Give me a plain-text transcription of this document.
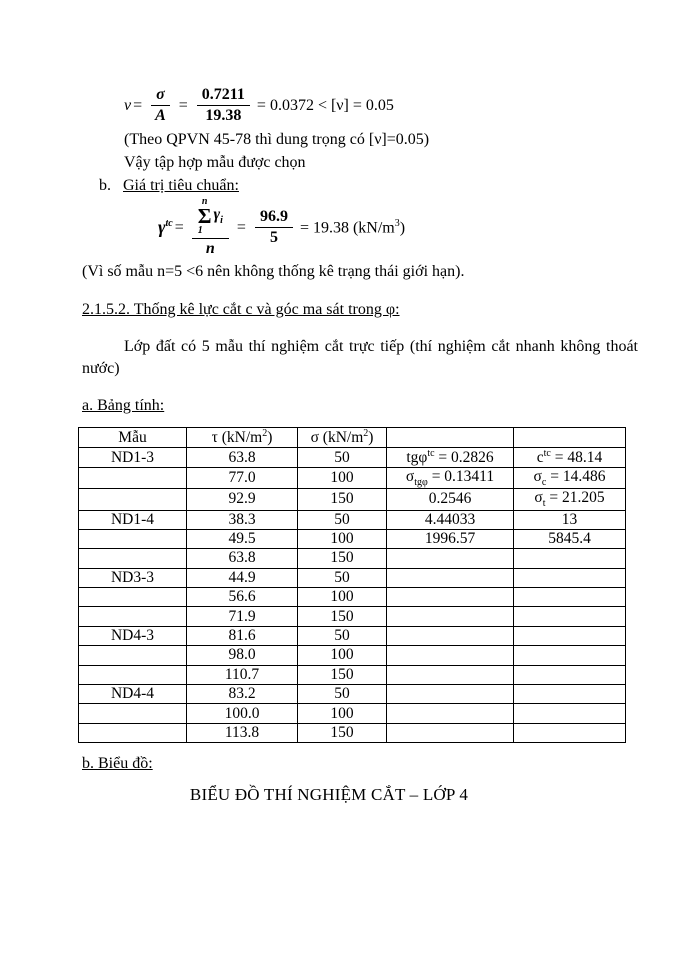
$\nu = \frac{\sigma}{A} = \frac{0.7211}{19.38} = 0.0372 < [\nu] = 0.05$
(Theo QPVN 45-78 thì dung trọng có [ν]=0.05)
Vậy tập hợp mẫu được chọn
b. Giá trị tiêu chuẩn:
$\gamma^{tc} = n$
Σ
1
$\gamma_i$
$n = \frac{96.9}{5} = 19.38$ $(kN/m^3)$
(Vì số mẫu n=5 <6 nên không thống kê trạng thái giới hạn).
2.1.5.2. Thống kê lực cắt c và góc ma sát trong φ:
Lớp đất có 5 mẫu thí nghiệm cắt trực tiếp (thí nghiệm cắt nhanh không thoát nước)
a. Bảng tính:
Mẫu	τ $(kN/m^2)$	σ $(kN/m^2)$		
ND1-3	63.8	50	tgφ$^{tc}$ = 0.2826	$c^{tc} = 48.14$
	77.0	100	$\sigma_{tg\varphi} = 0.13411$	$\sigma_c = 14.486$
	92.9	150	0.2546	$\sigma_t = 21.205$
ND1-4	38.3	50	4.44033	13
	49.5	100	1996.57	5845.4
	63.8	150		
ND3-3	44.9	50		
	56.6	100		
	71.9	150		
ND4-3	81.6	50		
	98.0	100		
	110.7	150		
ND4-4	83.2	50		
	100.0	100		
	113.8	150		
b. Biểu đồ:
BIỂU ĐỒ THÍ NGHIỆM CẮT – LỚP 4
